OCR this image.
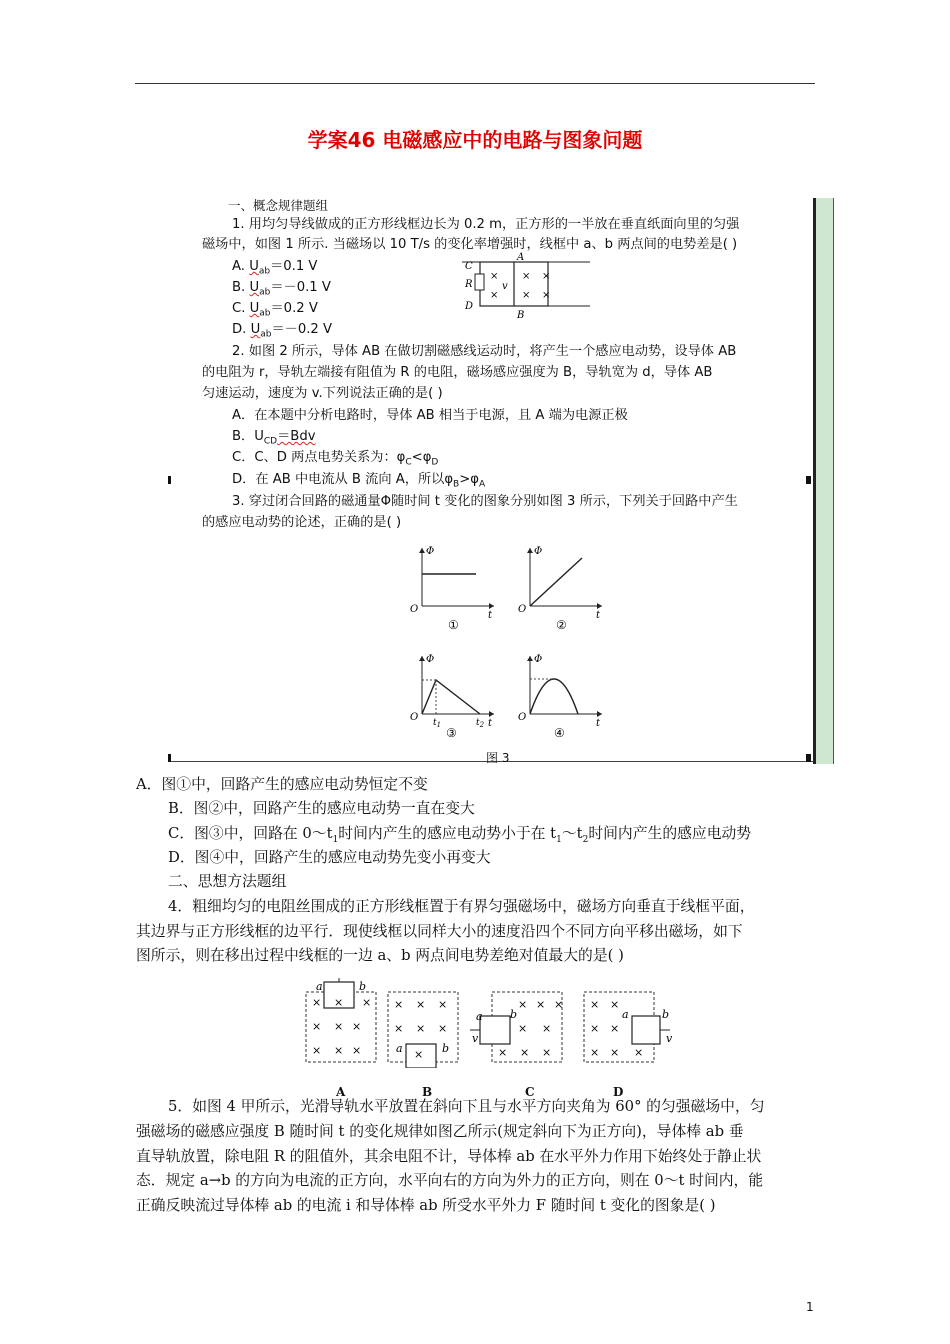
学案46 电磁感应中的电路与图象问题
一、概念规律题组
1. 用均匀导线做成的正方形线框边长为 0.2 m，正方形的一半放在垂直纸面向里的匀强
磁场中，如图 1 所示. 当磁场以 10 T/s 的变化率增强时，线框中 a、b 两点间的电势差是( )
A. $U_{ab}=0.1$ V
B. $U_{ab}=-0.1$ V
C. $U_{ab}=0.2$ V
D. $U_{ab}=-0.2$ V
C
R
D
A
B
v
× × ×
× × ×
2. 如图 2 所示，导体 AB 在做切割磁感线运动时，将产生一个感应电动势，设导体 AB
的电阻为 r，导轨左端接有阻值为 R 的电阻，磁场感应强度为 B，导轨宽为 d，导体 AB
匀速运动，速度为 v.下列说法正确的是( )
A．在本题中分析电路时，导体 AB 相当于电源，且 A 端为电源正极
B．$U_{CD}=Bdv$
C．C、D 两点电势关系为：$\varphi_C<\varphi_D$
D．在 AB 中电流从 B 流向 A，所以$\varphi_B>\varphi_A$
3. 穿过闭合回路的磁通量Φ随时间 t 变化的图象分别如图 3 所示，下列关于回路中产生
的感应电动势的论述，正确的是( )
Φ
O
t
①
Φ
O
t
②
Φ
O
t
$t_1$	$t_2$
③
Φ
O
t
④
图 3
A．图①中，回路产生的感应电动势恒定不变
B．图②中，回路产生的感应电动势一直在变大
C．图③中，回路在 $0\sim t_1$时间内产生的感应电动势小于在 $t_1\sim t_2$时间内产生的感应电动势
D．图④中，回路产生的感应电动势先变小再变大
二、思想方法题组
4．粗细均匀的电阻丝围成的正方形线框置于有界匀强磁场中，磁场方向垂直于线框平面，
其边界与正方形线框的边平行．现使线框以同样大小的速度沿四个不同方向平移出磁场，如下
图所示，则在移出过程中线框的一边 a、b 两点间电势差绝对值最大的是( )
a	b
× × ×
× × ×
× × ×	a	b
× × ×
× × ×
×
a b
v
× × ×
× ×
× × ×
a	b
v
× ×
× ×
× × ×
A	B	C	D
5．如图 4 甲所示，光滑导轨水平放置在斜向下且与水平方向夹角为 60° 的匀强磁场中，匀
强磁场的磁感应强度 B 随时间 t 的变化规律如图乙所示(规定斜向下为正方向)，导体棒 ab 垂
直导轨放置，除电阻 R 的阻值外，其余电阻不计，导体棒 ab 在水平外力作用下始终处于静止状
态．规定 a→b 的方向为电流的正方向，水平向右的方向为外力的正方向，则在 0～t 时间内，能
正确反映流过导体棒 ab 的电流 i 和导体棒 ab 所受水平外力 F 随时间 t 变化的图象是( )
1
